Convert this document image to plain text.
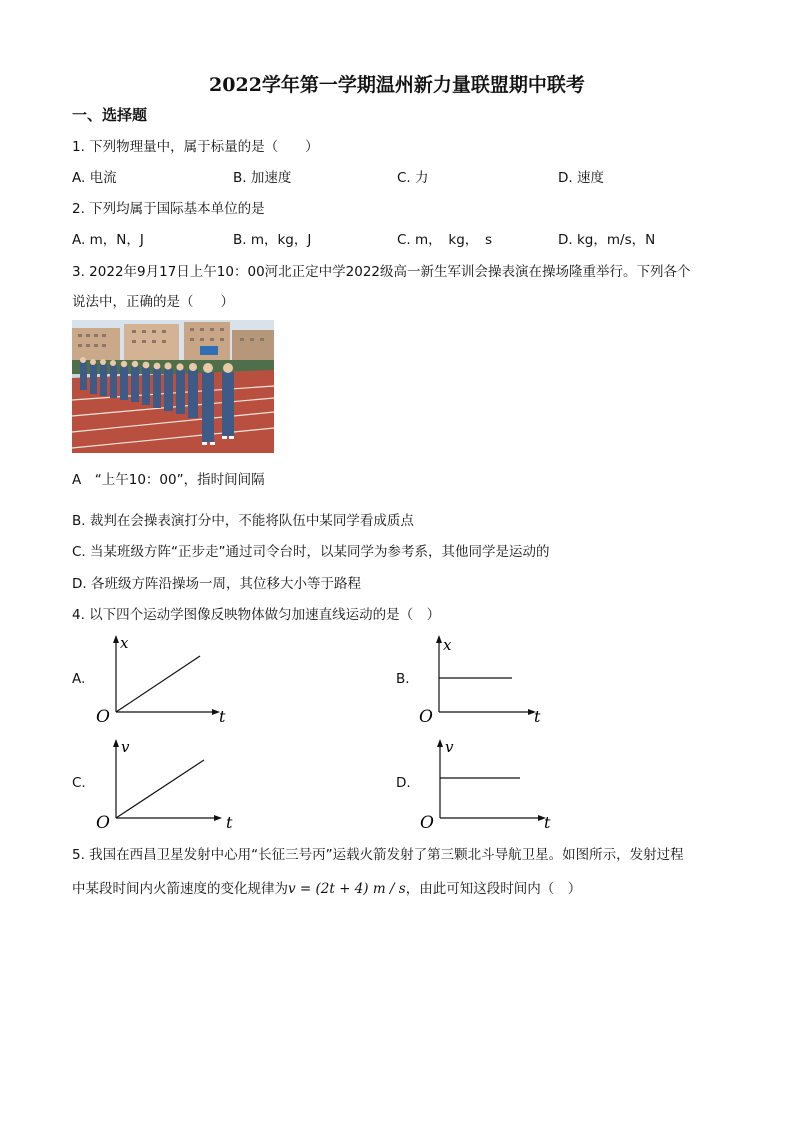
2022学年第一学期温州新力量联盟期中联考
一、选择题
1. 下列物理量中，属于标量的是（　　）
A. 电流	B. 加速度	C. 力	D. 速度
2. 下列均属于国际基本单位的是
A. m，N，J	B. m，kg，J	C. m，　kg，　s	D. kg，m/s，N
3. 2022年9月17日上午10：00河北正定中学2022级高一新生军训会操表演在操场隆重举行。下列各个
说法中，正确的是（　　）
A　“上午10：00”，指时间间隔
B. 裁判在会操表演打分中，不能将队伍中某同学看成质点
C. 当某班级方阵“正步走”通过司令台时，以某同学为参考系，其他同学是运动的
D. 各班级方阵沿操场一周，其位移大小等于路程
4. 以下四个运动学图像反映物体做匀加速直线运动的是（　）
A.
x
t
O
B.
x
t
O
C.
v
t
O
D.
v
t
O
5. 我国在西昌卫星发射中心用“长征三号丙”运载火箭发射了第三颗北斗导航卫星。如图所示，发射过程
中某段时间内火箭速度的变化规律为v = (2t + 4) m / s，由此可知这段时间内（　）
